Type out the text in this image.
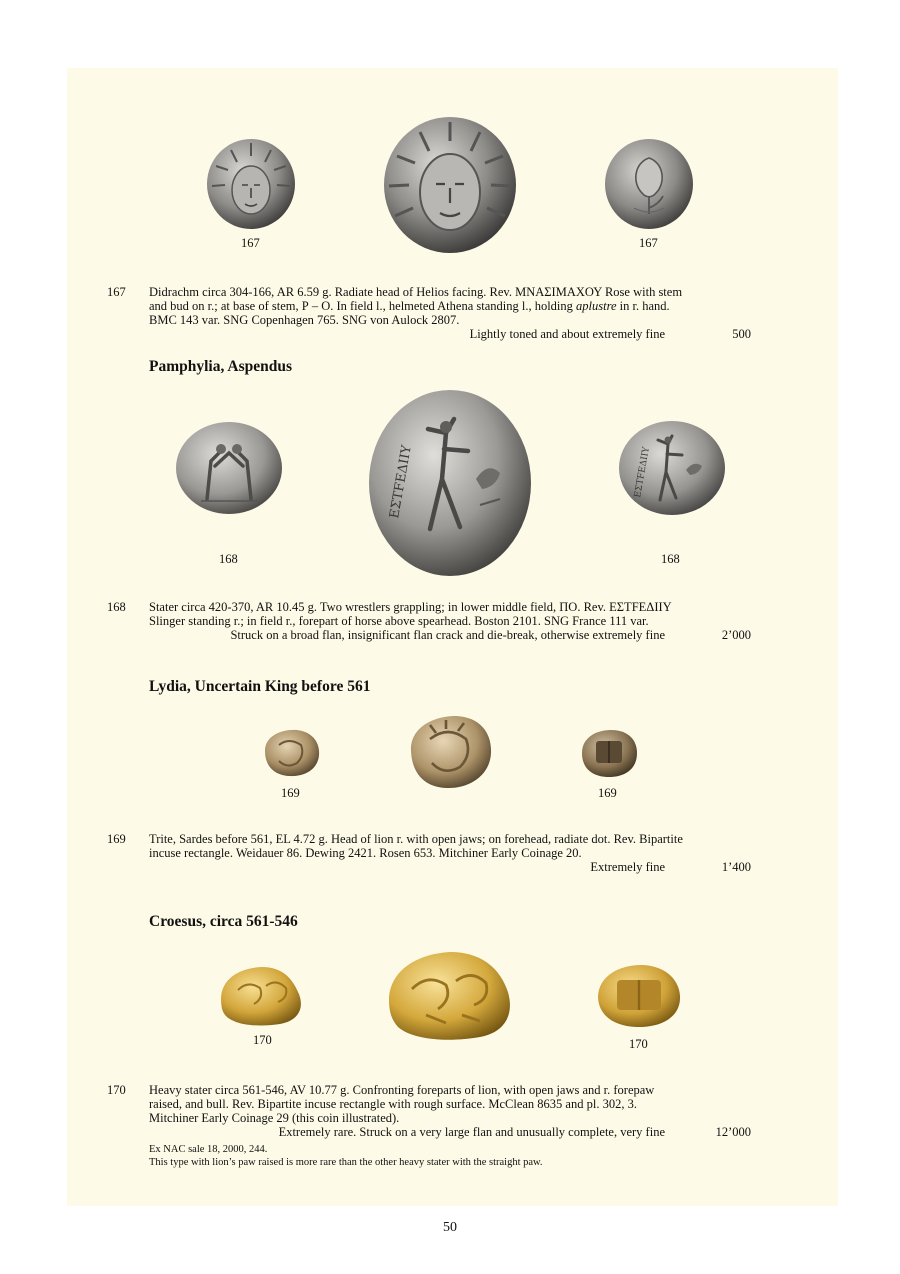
167	167
167 Didrachm circa 304-166, AR 6.59 g. Radiate head of Helios facing. Rev. ΜΝΑΣΙΜΑΧΟΥ Rose with stem

and bud on r.; at base of stem, Ρ – Ο. In field l., helmeted Athena standing l., holding aplustre in r. hand.

BMC 143 var. SNG Copenhagen 765. SNG von Aulock 2807.

Lightly toned and about extremely fine	500
Pamphylia, Aspendus
ΕΣΤFΕΔΙΙΥ	ΕΣΤFΕΔΙΙΥ
168	168
168 Stater circa 420-370, AR 10.45 g. Two wrestlers grappling; in lower middle field, ΠΟ. Rev. ΕΣΤFΕΔΙΙΥ

Slinger standing r.; in field r., forepart of horse above spearhead. Boston 2101. SNG France 111 var.

Struck on a broad flan, insignificant flan crack and die-break, otherwise extremely fine	2’000
Lydia, Uncertain King before 561
169	169
169 Trite, Sardes before 561, EL 4.72 g. Head of lion r. with open jaws; on forehead, radiate dot. Rev. Bipartite

incuse rectangle. Weidauer 86. Dewing 2421. Rosen 653. Mitchiner Early Coinage 20.

Extremely fine	1’400
Croesus, circa 561-546
170	170
170 Heavy stater circa 561-546, AV 10.77 g. Confronting foreparts of lion, with open jaws and r. forepaw

raised, and bull. Rev. Bipartite incuse rectangle with rough surface. McClean 8635 and pl. 302, 3.

Mitchiner Early Coinage 29 (this coin illustrated).

Extremely rare. Struck on a very large flan and unusually complete, very fine	12’000

Ex NAC sale 18, 2000, 244.

This type with lion’s paw raised is more rare than the other heavy stater with the straight paw.

50
